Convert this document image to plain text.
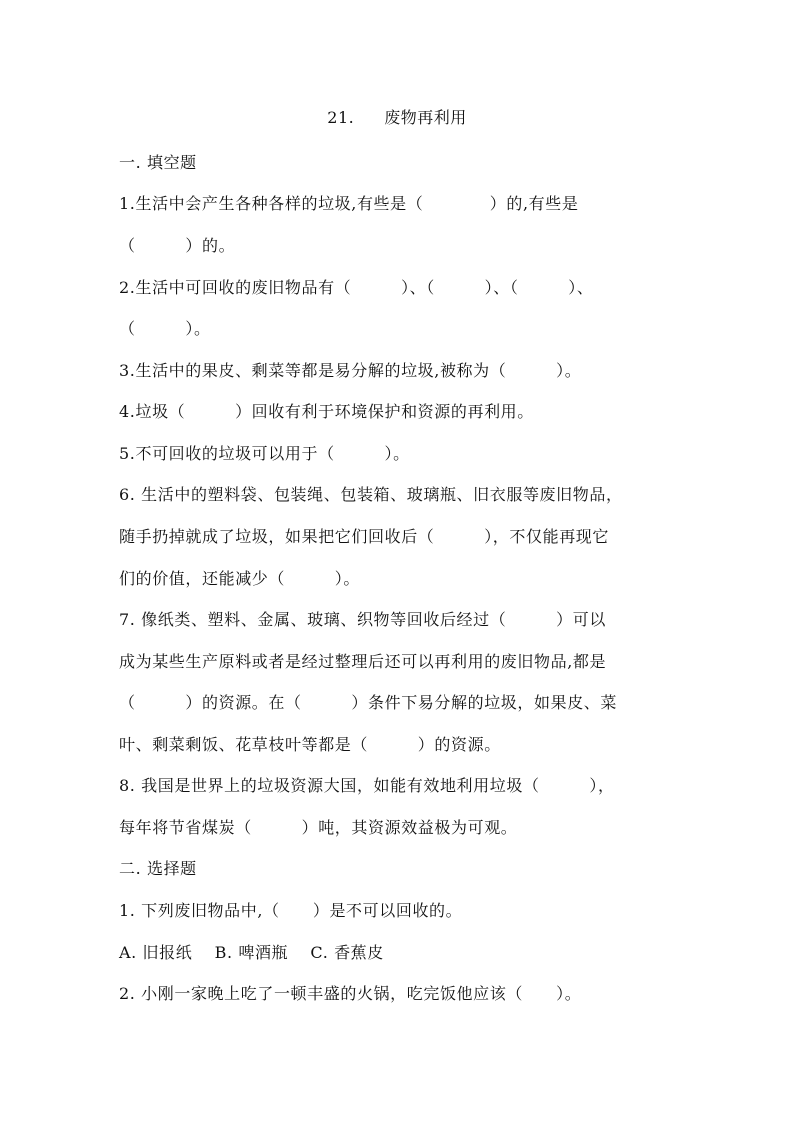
21. 废物再利用
一. 填空题
1.生活中会产生各种各样的垃圾,有些是（　　　　）的,有些是
（　　　）的。
2.生活中可回收的废旧物品有（　　　）、（　　　）、（　　　）、
（　　　）。
3.生活中的果皮、剩菜等都是易分解的垃圾,被称为（　　　）。
4.垃圾（　　　）回收有利于环境保护和资源的再利用。
5.不可回收的垃圾可以用于（　　　）。
6. 生活中的塑料袋、包装绳、包装箱、玻璃瓶、旧衣服等废旧物品，
随手扔掉就成了垃圾，如果把它们回收后（　　　），不仅能再现它
们的价值，还能减少（　　　）。
7. 像纸类、塑料、金属、玻璃、织物等回收后经过（　　　）可以
成为某些生产原料或者是经过整理后还可以再利用的废旧物品,都是
（　　　）的资源。在（　　　）条件下易分解的垃圾，如果皮、菜
叶、剩菜剩饭、花草枝叶等都是（　　　）的资源。
8. 我国是世界上的垃圾资源大国，如能有效地利用垃圾（　　　），
每年将节省煤炭（　　　）吨，其资源效益极为可观。
二. 选择题
1. 下列废旧物品中,（　　）是不可以回收的。
A. 旧报纸　 B. 啤酒瓶　 C. 香蕉皮
2. 小刚一家晚上吃了一顿丰盛的火锅，吃完饭他应该（　　）。
